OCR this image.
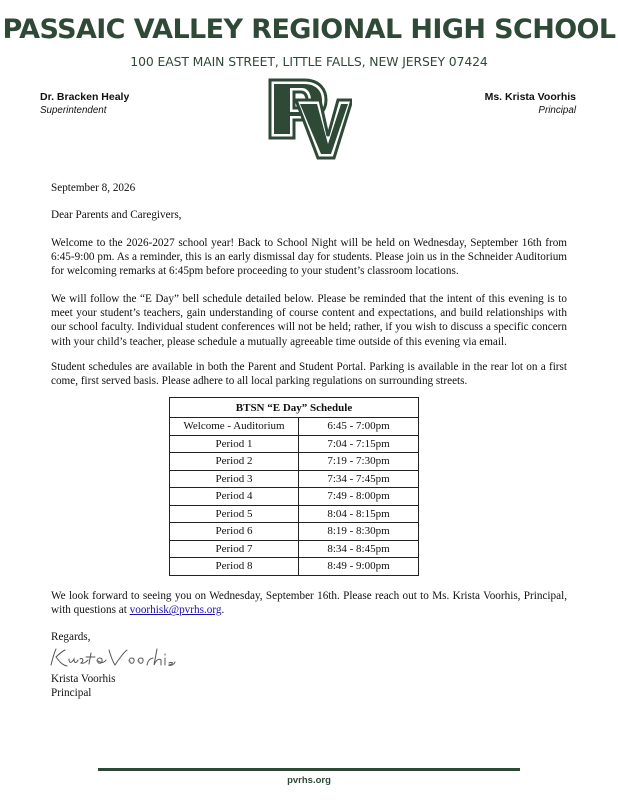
PASSAIC VALLEY REGIONAL HIGH SCHOOL
100 EAST MAIN STREET, LITTLE FALLS, NEW JERSEY 07424
Dr. Bracken Healy
Superintendent
Ms. Krista Voorhis
Principal
September 8, 2026
Dear Parents and Caregivers,
Welcome to the 2026-2027 school year! Back to School Night will be held on Wednesday, September 16th from 6:45-9:00 pm. As a reminder, this is an early dismissal day for students. Please join us in the Schneider Auditorium for welcoming remarks at 6:45pm before proceeding to your student’s classroom locations.
We will follow the “E Day” bell schedule detailed below. Please be reminded that the intent of this evening is to meet your student’s teachers, gain understanding of course content and expectations, and build relationships with our school faculty. Individual student conferences will not be held; rather, if you wish to discuss a specific concern with your child’s teacher, please schedule a mutually agreeable time outside of this evening via email.
Student schedules are available in both the Parent and Student Portal. Parking is available in the rear lot on a first come, first served basis. Please adhere to all local parking regulations on surrounding streets.
BTSN “E Day” Schedule	
Welcome - Auditorium	6:45 - 7:00pm
Period 1	7:04 - 7:15pm
Period 2	7:19 - 7:30pm
Period 3	7:34 - 7:45pm
Period 4	7:49 - 8:00pm
Period 5	8:04 - 8:15pm
Period 6	8:19 - 8:30pm
Period 7	8:34 - 8:45pm
Period 8	8:49 - 9:00pm
We look forward to seeing you on Wednesday, September 16th. Please reach out to Ms. Krista Voorhis, Principal, with questions at voorhisk@pvrhs.org.
Regards,
Krista Voorhis
Principal
pvrhs.org
